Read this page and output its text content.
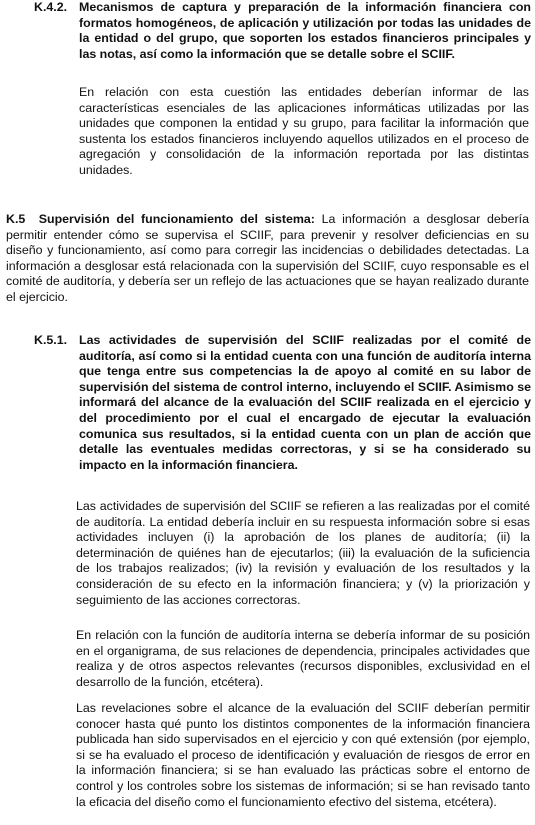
K.4.2. Mecanismos de captura y preparación de la información financiera con formatos homogéneos, de aplicación y utilización por todas las unidades de la entidad o del grupo, que soporten los estados financieros principales y las notas, así como la información que se detalle sobre el SCIIF.
En relación con esta cuestión las entidades deberían informar de las características esenciales de las aplicaciones informáticas utilizadas por las unidades que componen la entidad y su grupo, para facilitar la información que sustenta los estados financieros incluyendo aquellos utilizados en el proceso de agregación y consolidación de la información reportada por las distintas unidades.
K.5 Supervisión del funcionamiento del sistema: La información a desglosar debería permitir entender cómo se supervisa el SCIIF, para prevenir y resolver deficiencias en su diseño y funcionamiento, así como para corregir las incidencias o debilidades detectadas. La información a desglosar está relacionada con la supervisión del SCIIF, cuyo responsable es el comité de auditoría, y debería ser un reflejo de las actuaciones que se hayan realizado durante el ejercicio.
K.5.1. Las actividades de supervisión del SCIIF realizadas por el comité de auditoría, así como si la entidad cuenta con una función de auditoría interna que tenga entre sus competencias la de apoyo al comité en su labor de supervisión del sistema de control interno, incluyendo el SCIIF. Asimismo se informará del alcance de la evaluación del SCIIF realizada en el ejercicio y del procedimiento por el cual el encargado de ejecutar la evaluación comunica sus resultados, si la entidad cuenta con un plan de acción que detalle las eventuales medidas correctoras, y si se ha considerado su impacto en la información financiera.
Las actividades de supervisión del SCIIF se refieren a las realizadas por el comité de auditoría. La entidad debería incluir en su respuesta información sobre si esas actividades incluyen (i) la aprobación de los planes de auditoría; (ii) la determinación de quiénes han de ejecutarlos; (iii) la evaluación de la suficiencia de los trabajos realizados; (iv) la revisión y evaluación de los resultados y la consideración de su efecto en la información financiera; y (v) la priorización y seguimiento de las acciones correctoras.
En relación con la función de auditoría interna se debería informar de su posición en el organigrama, de sus relaciones de dependencia, principales actividades que realiza y de otros aspectos relevantes (recursos disponibles, exclusividad en el desarrollo de la función, etcétera).
Las revelaciones sobre el alcance de la evaluación del SCIIF deberían permitir conocer hasta qué punto los distintos componentes de la información financiera publicada han sido supervisados en el ejercicio y con qué extensión (por ejemplo, si se ha evaluado el proceso de identificación y evaluación de riesgos de error en la información financiera; si se han evaluado las prácticas sobre el entorno de control y los controles sobre los sistemas de información; si se han revisado tanto la eficacia del diseño como el funcionamiento efectivo del sistema, etcétera).
